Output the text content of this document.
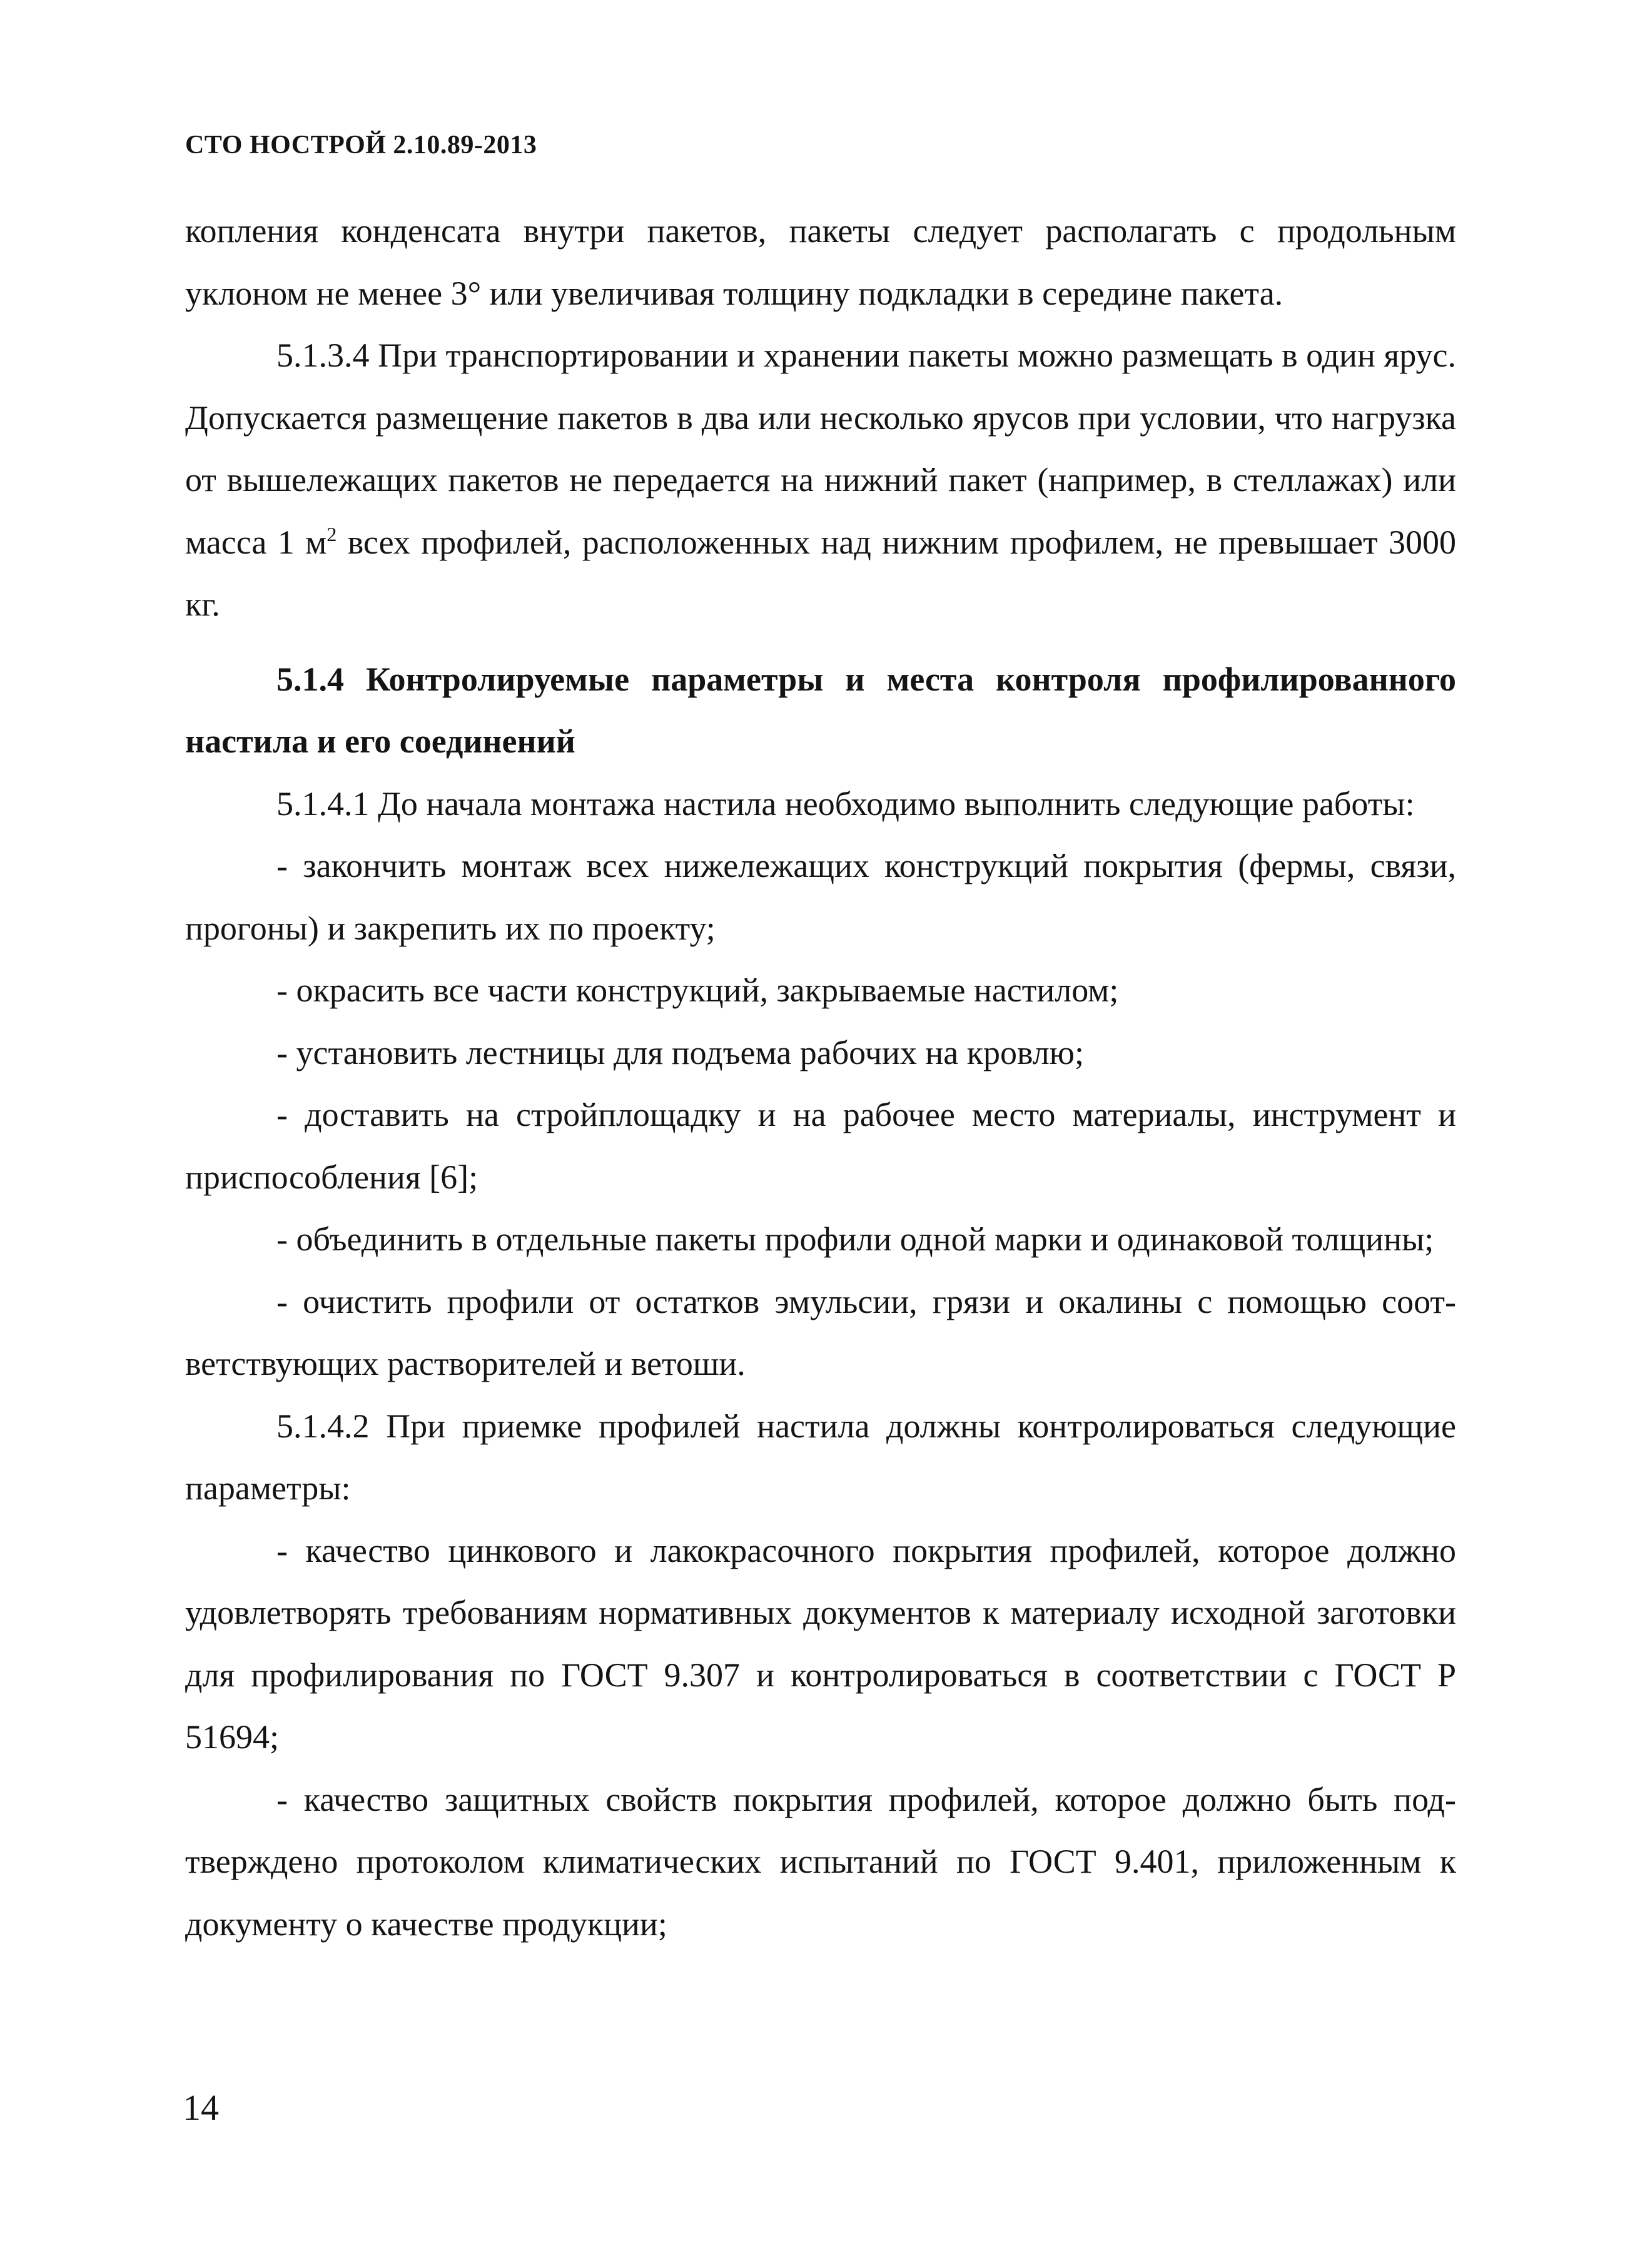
СТО НОСТРОЙ 2.10.89-2013

копления конденсата внутри пакетов, пакеты следует располагать с продольным уклоном не менее 3° или увеличивая толщину подкладки в середине пакета.

5.1.3.4 При транспортировании и хранении пакеты можно размещать в один ярус. Допускается размещение пакетов в два или несколько ярусов при условии, что нагрузка от вышележащих пакетов не передается на нижний пакет (например, в стеллажах) или масса 1 $м^2$ всех профилей, расположенных над нижним профилем, не превышает 3000 кг.

5.1.4 Контролируемые параметры и места контроля профилированного настила и его соединений

5.1.4.1 До начала монтажа настила необходимо выполнить следующие работы:

- закончить монтаж всех нижележащих конструкций покрытия (фермы, связи, прогоны) и закрепить их по проекту;

- окрасить все части конструкций, закрываемые настилом;

- установить лестницы для подъема рабочих на кровлю;

- доставить на стройплощадку и на рабочее место материалы, инструмент и приспособления [6];

- объединить в отдельные пакеты профили одной марки и одинаковой толщины;

- очистить профили от остатков эмульсии, грязи и окалины с помощью соответствующих растворителей и ветоши.

5.1.4.2 При приемке профилей настила должны контролироваться следующие параметры:

- качество цинкового и лакокрасочного покрытия профилей, которое должно удовлетворять требованиям нормативных документов к материалу исходной заготовки для профилирования по ГОСТ 9.307 и контролироваться в соответствии с ГОСТ Р 51694;

- качество защитных свойств покрытия профилей, которое должно быть подтверждено протоколом климатических испытаний по ГОСТ 9.401, приложенным к документу о качестве продукции;

14
